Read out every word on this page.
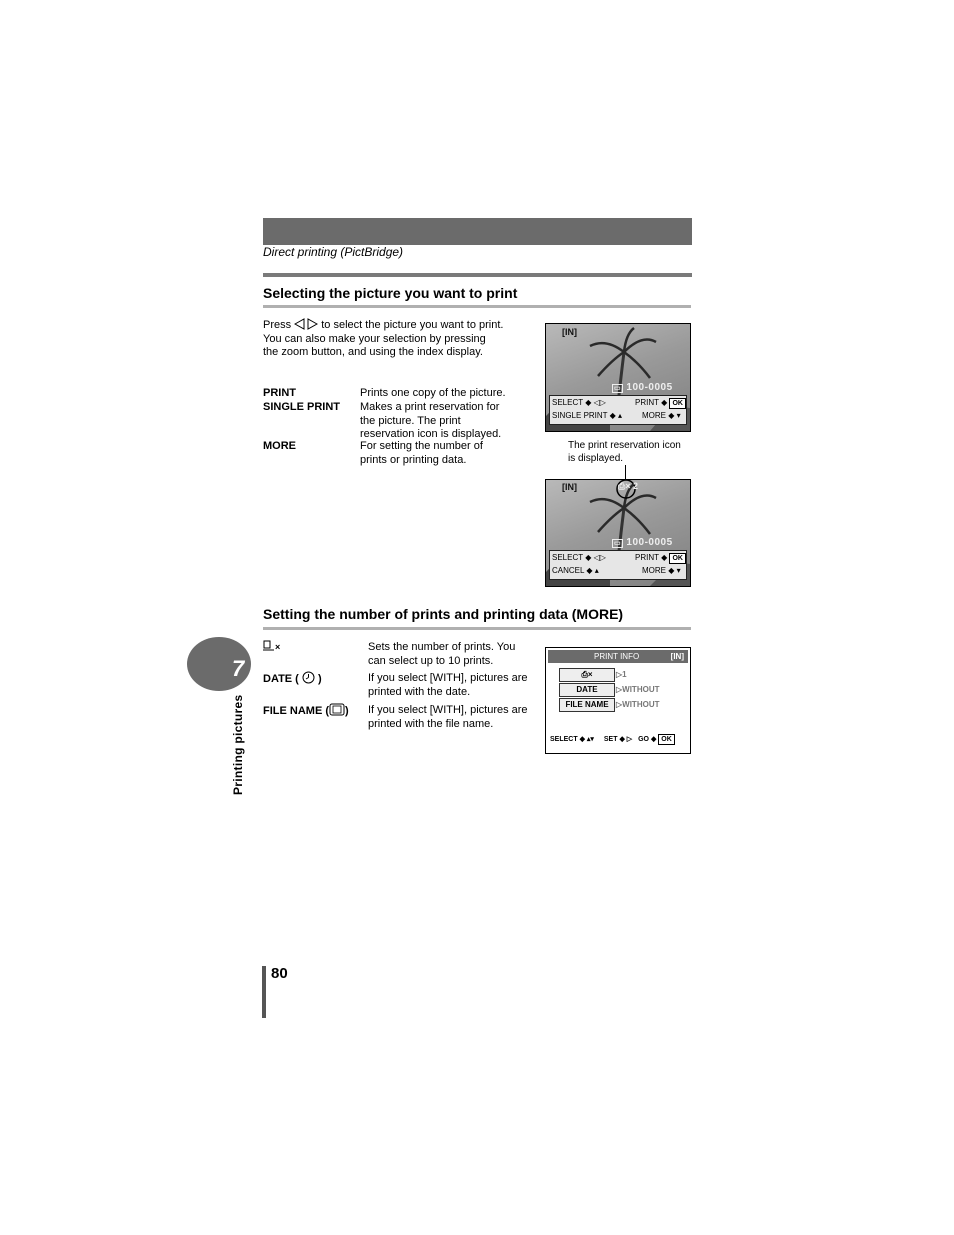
Direct printing (PictBridge)
Selecting the picture you want to print
Press	to select the picture you want to print.
You can also make your selection by pressing
the zoom button, and using the index display.
PRINT	Prints one copy of the picture.
SINGLE PRINT Makes a print reservation for
the picture. The print
reservation icon is displayed.
MORE	For setting the number of
prints or printing data.
[IN]
▭ 100-0005
SELECT ◆ ◁▷	PRINT ◆ OK
SINGLE PRINT ◆ ▴ MORE ◆ ▾
The print reservation icon
is displayed.
[IN]	⎙× 2
▭ 100-0005
SELECT ◆ ◁▷	PRINT ◆ OK
CANCEL ◆ ▴	MORE ◆ ▾
Setting the number of prints and printing data (MORE)
×	Sets the number of prints. You
can select up to 10 prints.
DATE ( )	If you select [WITH], pictures are
printed with the date.
FILE NAME ( ) If you select [WITH], pictures are
printed with the file name.
PRINT INFO	[IN]
⎙×	▷1
DATE	▷WITHOUT
FILE NAME ▷WITHOUT
SELECT ◆ ▴▾ SET ◆ ▷ GO ◆ OK
7
Printing pictures
80
